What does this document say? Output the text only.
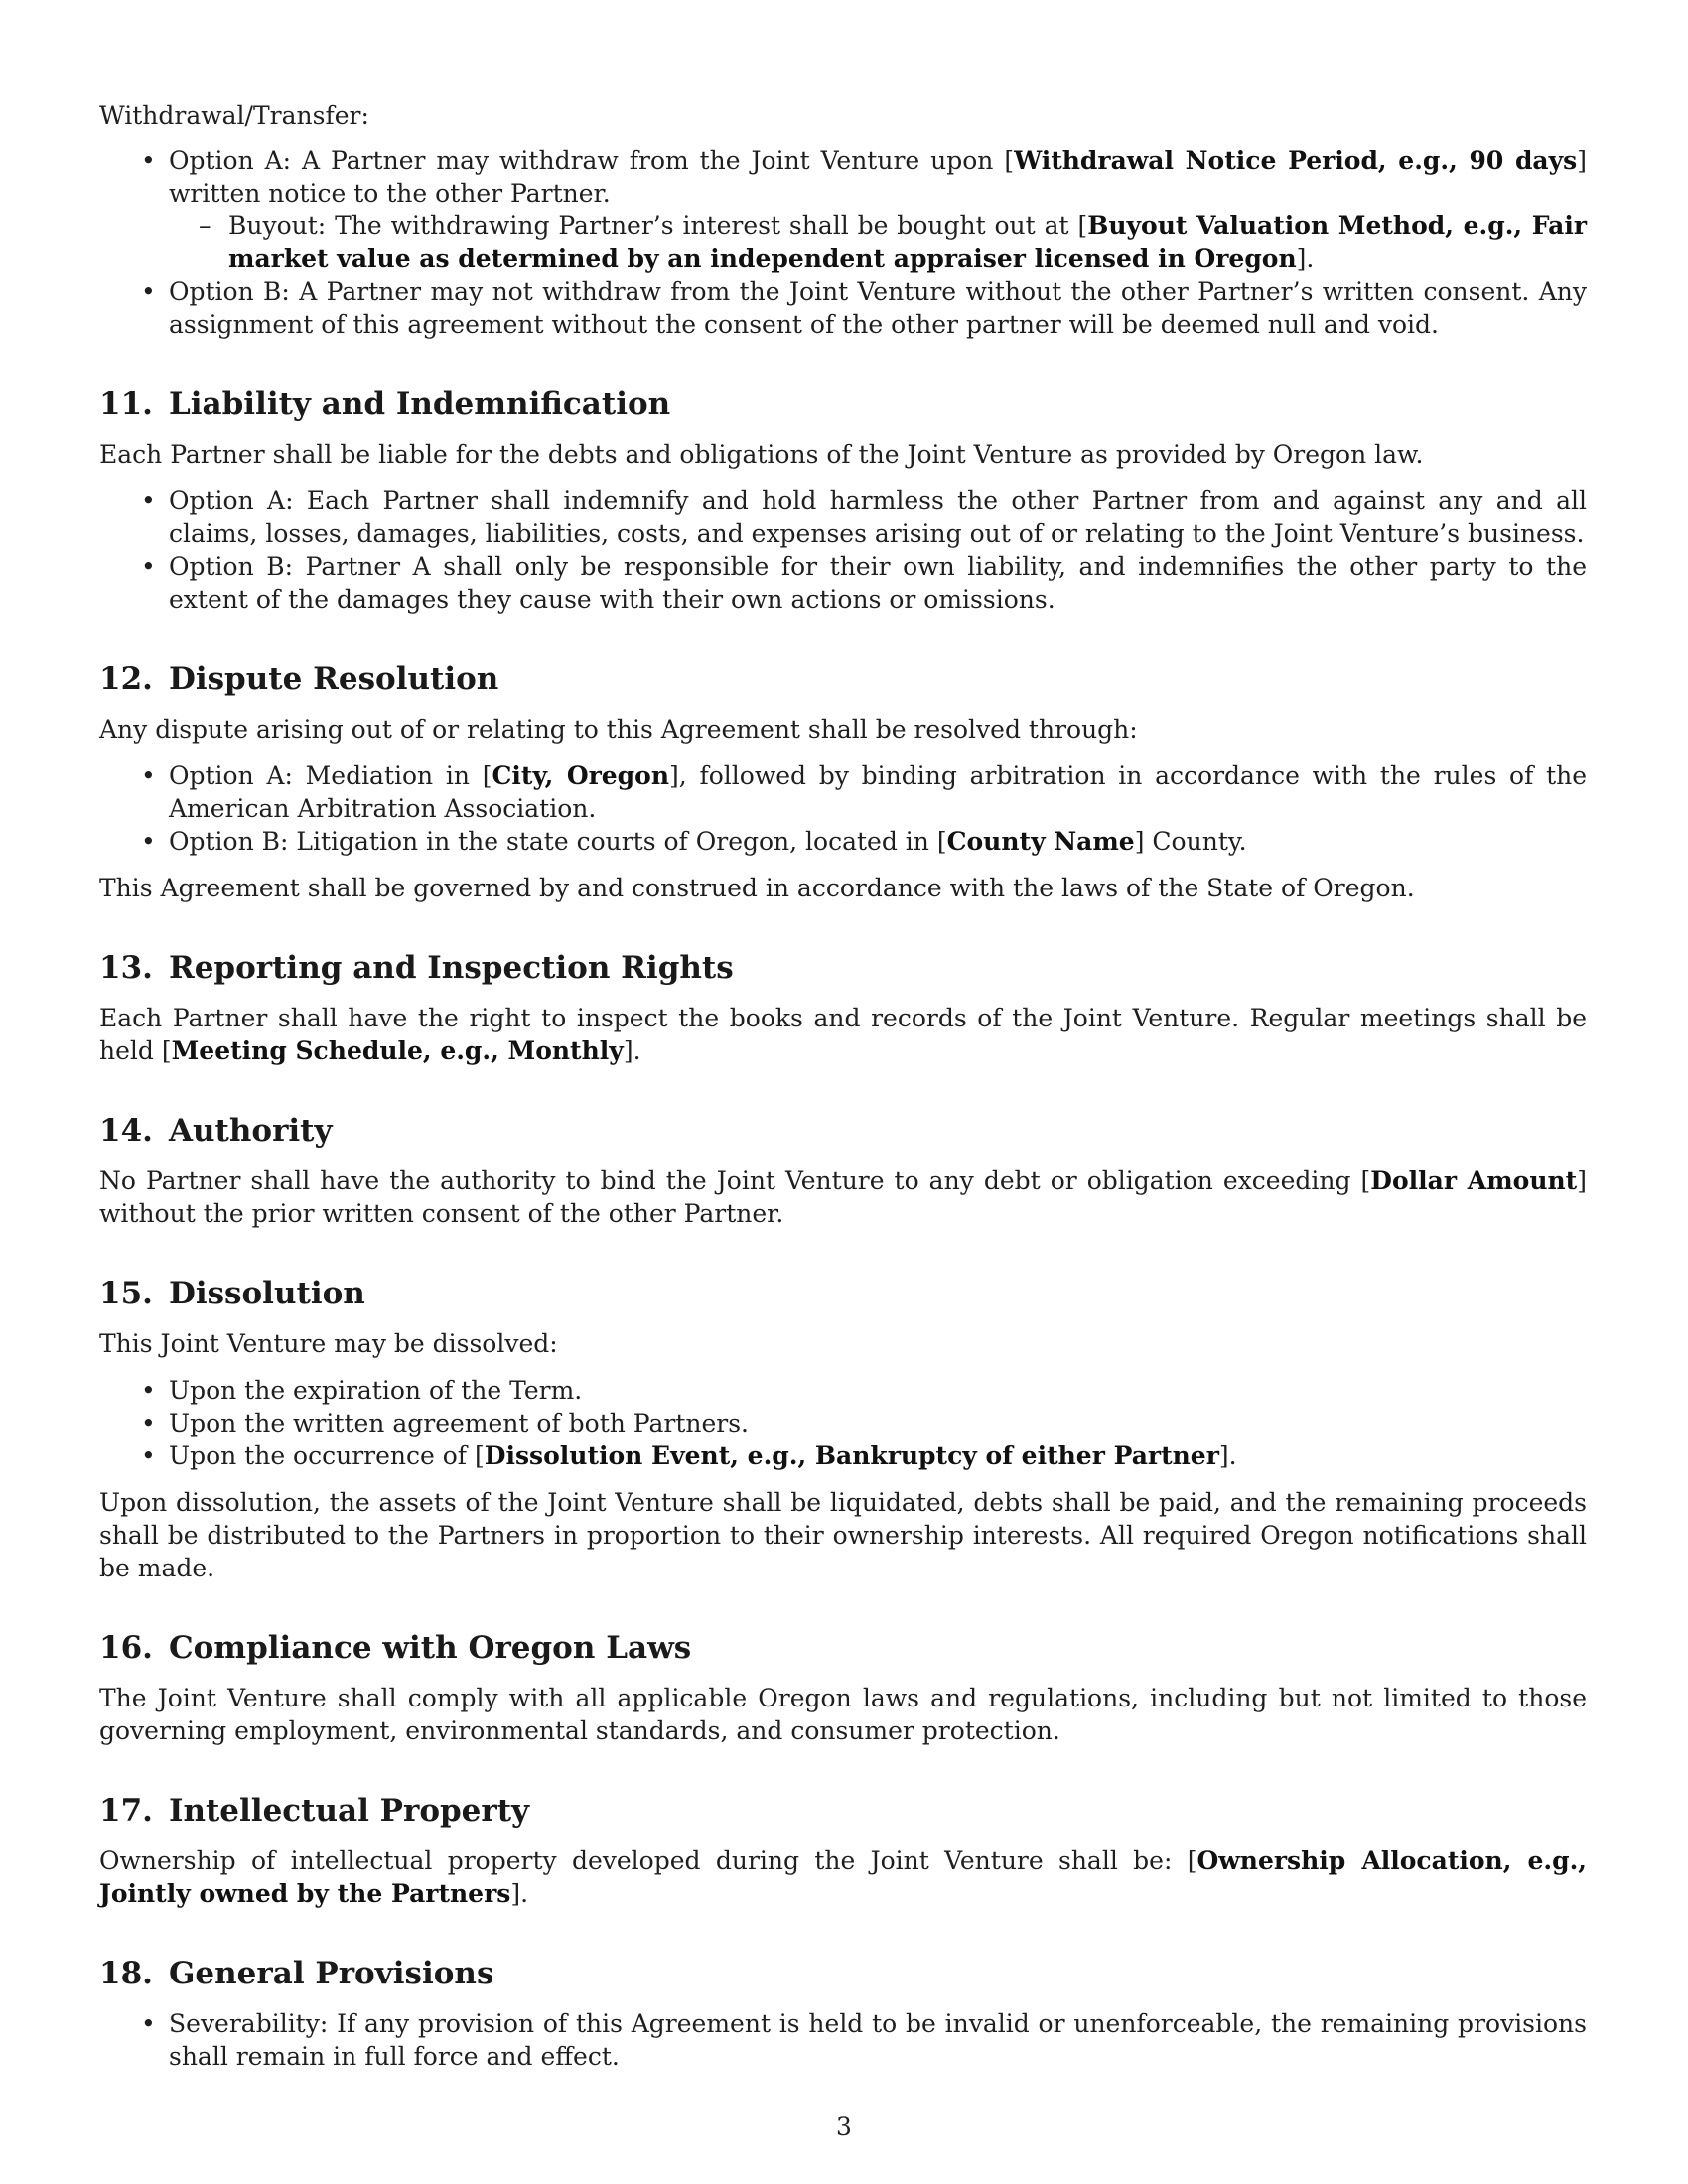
Withdrawal/Transfer:

• Option A: A Partner may withdraw from the Joint Venture upon [Withdrawal Notice Period, e.g., 90 days] written notice to the other Partner.
– Buyout: The withdrawing Partner’s interest shall be bought out at [Buyout Valuation Method, e.g., Fair market value as determined by an independent appraiser licensed in Oregon].
• Option B: A Partner may not withdraw from the Joint Venture without the other Partner’s written consent. Any assignment of this agreement without the consent of the other partner will be deemed null and void.
11. Liability and Indemnification

Each Partner shall be liable for the debts and obligations of the Joint Venture as provided by Oregon law.

• Option A: Each Partner shall indemnify and hold harmless the other Partner from and against any and all claims, losses, damages, liabilities, costs, and expenses arising out of or relating to the Joint Venture’s business.
• Option B: Partner A shall only be responsible for their own liability, and indemnifies the other party to the extent of the damages they cause with their own actions or omissions.
12. Dispute Resolution

Any dispute arising out of or relating to this Agreement shall be resolved through:

• Option A: Mediation in [City, Oregon], followed by binding arbitration in accordance with the rules of the American Arbitration Association.
• Option B: Litigation in the state courts of Oregon, located in [County Name] County.

This Agreement shall be governed by and construed in accordance with the laws of the State of Oregon.

13. Reporting and Inspection Rights

Each Partner shall have the right to inspect the books and records of the Joint Venture. Regular meetings shall be held [Meeting Schedule, e.g., Monthly].

14. Authority

No Partner shall have the authority to bind the Joint Venture to any debt or obligation exceeding [Dollar Amount] without the prior written consent of the other Partner.

15. Dissolution

This Joint Venture may be dissolved:

• Upon the expiration of the Term.
• Upon the written agreement of both Partners.
• Upon the occurrence of [Dissolution Event, e.g., Bankruptcy of either Partner].

Upon dissolution, the assets of the Joint Venture shall be liquidated, debts shall be paid, and the remaining proceeds shall be distributed to the Partners in proportion to their ownership interests. All required Oregon notifications shall be made.

16. Compliance with Oregon Laws

The Joint Venture shall comply with all applicable Oregon laws and regulations, including but not limited to those governing employment, environmental standards, and consumer protection.

17. Intellectual Property

Ownership of intellectual property developed during the Joint Venture shall be: [Ownership Allocation, e.g., Jointly owned by the Partners].

18. General Provisions
• Severability: If any provision of this Agreement is held to be invalid or unenforceable, the remaining provisions shall remain in full force and effect.
3
